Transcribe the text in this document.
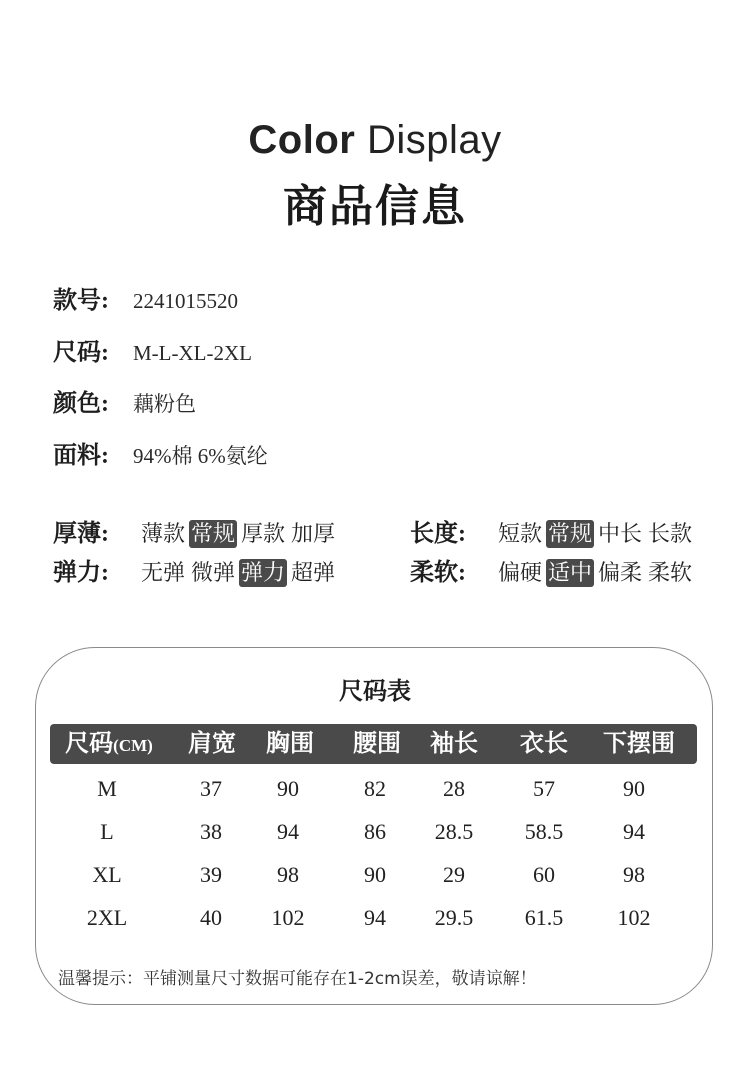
Color Display
商品信息
款号: 2241015520
尺码: M-L-XL-2XL
颜色: 藕粉色
面料: 94%棉 6%氨纶
厚薄: 薄款 常规 厚款 加厚	长度: 短款 常规 中长 长款
弹力: 无弹 微弹 弹力 超弹	柔软: 偏硬 适中 偏柔 柔软
尺码表
尺码(CM)	肩宽	胸围	腰围	袖长	衣长	下摆围
M	37	90	82	28	57	90
L	38	94	86	28.5	58.5	94
XL	39	98	90	29	60	98
2XL	40	102	94	29.5	61.5	102
温馨提示：平铺测量尺寸数据可能存在1-2cm误差，敬请谅解！
